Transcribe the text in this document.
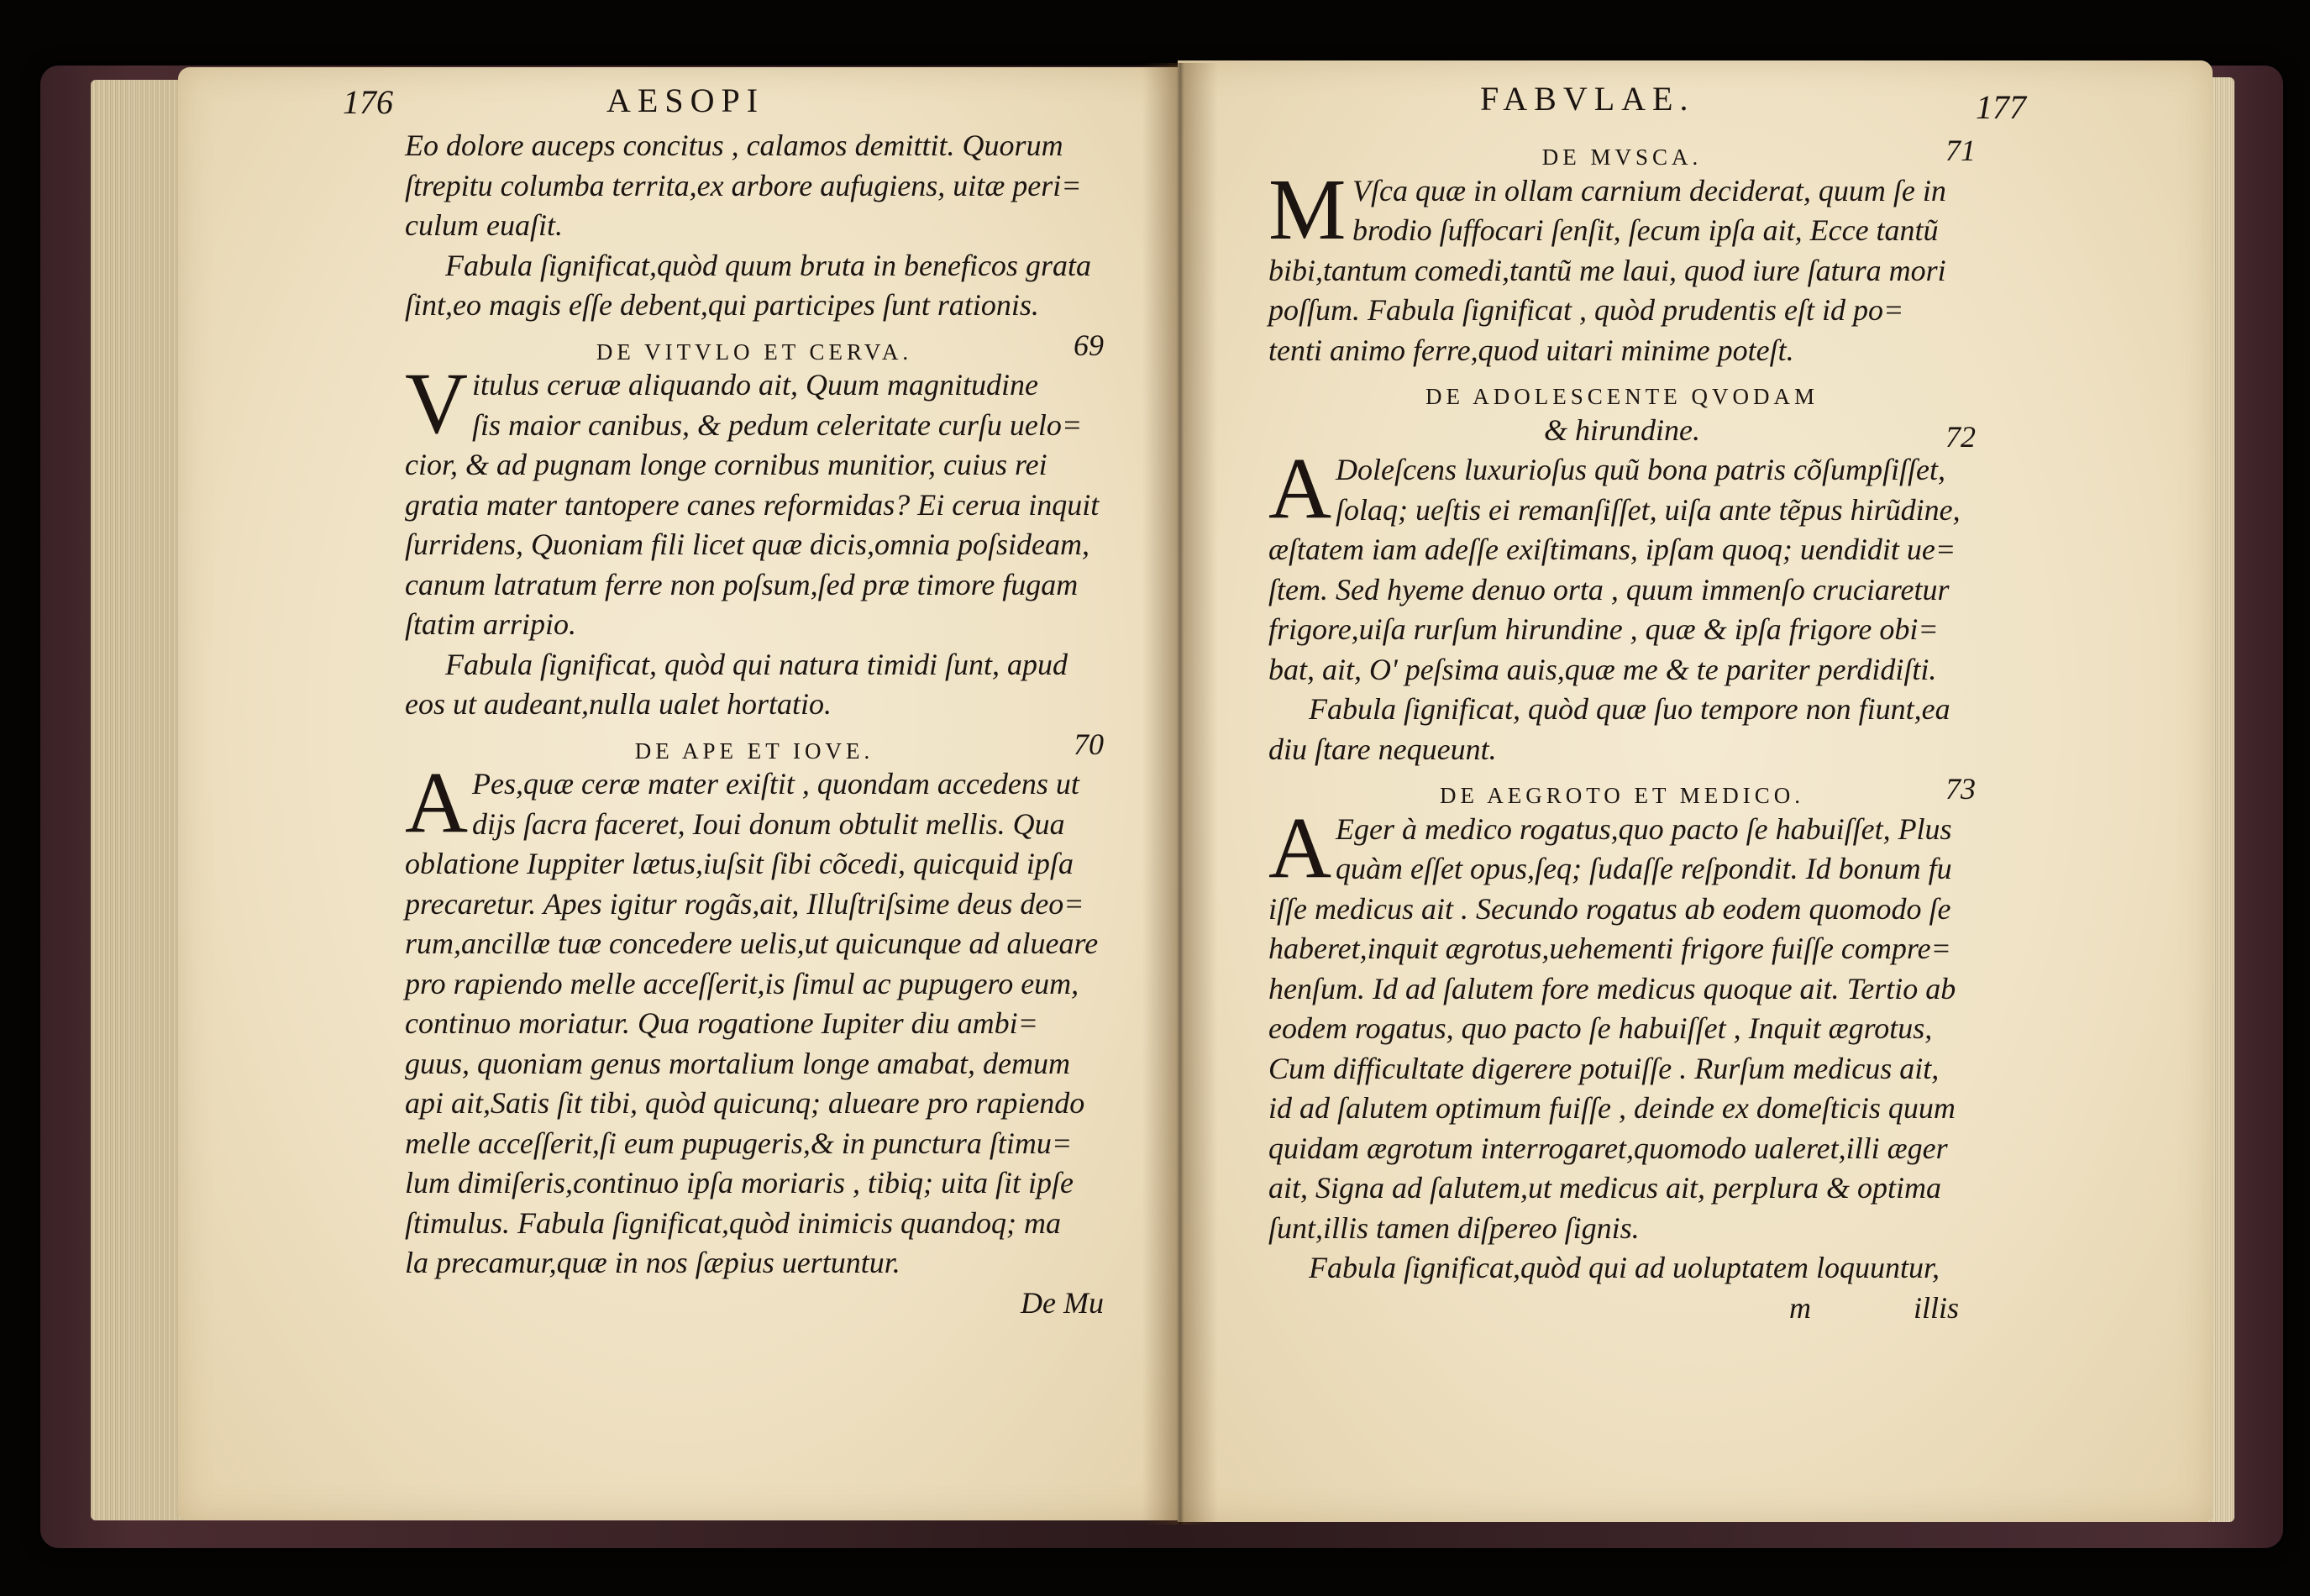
176	AESOPI
Eo dolore auceps concitus , calamos demittit. Quorum
ſtrepitu columba territa,ex arbore aufugiens, uitæ peri=
culum euaſit.
Fabula ſignificat,quòd quum bruta in beneficos grata
ſint,eo magis eſſe debent,qui participes ſunt rationis.
DE VITVLO ET CERVA.	69
V itulus ceruæ aliquando ait, Quum magnitudine
ſis maior canibus, & pedum celeritate curſu uelo=
cior, & ad pugnam longe cornibus munitior, cuius rei
gratia mater tantopere canes reformidas? Ei cerua inquit
ſurridens, Quoniam fili licet quæ dicis,omnia poſsideam,
canum latratum ferre non poſsum,ſed præ timore fugam
ſtatim arripio.
Fabula ſignificat, quòd qui natura timidi ſunt, apud
eos ut audeant,nulla ualet hortatio.
DE APE ET IOVE.	70
A Pes,quæ ceræ mater exiſtit , quondam accedens ut
dijs ſacra faceret, Ioui donum obtulit mellis. Qua
oblatione Iuppiter lætus,iuſsit ſibi cõcedi, quicquid ipſa
precaretur. Apes igitur rogãs,ait, Illuſtriſsime deus deo=
rum,ancillæ tuæ concedere uelis,ut quicunque ad alueare
pro rapiendo melle acceſſerit,is ſimul ac pupugero eum,
continuo moriatur. Qua rogatione Iupiter diu ambi=
guus, quoniam genus mortalium longe amabat, demum
api ait,Satis ſit tibi, quòd quicunq; alueare pro rapiendo
melle acceſſerit,ſi eum pupugeris,& in punctura ſtimu=
lum dimiſeris,continuo ipſa moriaris , tibiq; uita ſit ipſe
ſtimulus. Fabula ſignificat,quòd inimicis quandoq; ma
la precamur,quæ in nos ſæpius uertuntur.
De Mu
FABVLAE.	177
DE MVSCA.	71
M Vſca quæ in ollam carnium deciderat, quum ſe in
brodio ſuffocari ſenſit, ſecum ipſa ait, Ecce tantũ
bibi,tantum comedi,tantũ me laui, quod iure ſatura mori
poſſum. Fabula ſignificat , quòd prudentis eſt id po=
tenti animo ferre,quod uitari minime poteſt.
DE ADOLESCENTE QVODAM
& hirundine.	72
A Doleſcens luxurioſus quũ bona patris cõſumpſiſſet,
ſolaq; ueſtis ei remanſiſſet, uiſa ante tẽpus hirũdine,
æſtatem iam adeſſe exiſtimans, ipſam quoq; uendidit ue=
ſtem. Sed hyeme denuo orta , quum immenſo cruciaretur
frigore,uiſa rurſum hirundine , quæ & ipſa frigore obi=
bat, ait, O' peſsima auis,quæ me & te pariter perdidiſti.
Fabula ſignificat, quòd quæ ſuo tempore non fiunt,ea
diu ſtare nequeunt.
DE AEGROTO ET MEDICO.	73
A Eger à medico rogatus,quo pacto ſe habuiſſet, Plus
quàm eſſet opus,ſeq; ſudaſſe reſpondit. Id bonum fu
iſſe medicus ait . Secundo rogatus ab eodem quomodo ſe
haberet,inquit ægrotus,uehementi frigore fuiſſe compre=
henſum. Id ad ſalutem fore medicus quoque ait. Tertio ab
eodem rogatus, quo pacto ſe habuiſſet , Inquit ægrotus,
Cum difficultate digerere potuiſſe . Rurſum medicus ait,
id ad ſalutem optimum fuiſſe , deinde ex domeſticis quum
quidam ægrotum interrogaret,quomodo ualeret,illi æger
ait, Signa ad ſalutem,ut medicus ait, perplura & optima
ſunt,illis tamen diſpereo ſignis.
Fabula ſignificat,quòd qui ad uoluptatem loquuntur,
m	illis
